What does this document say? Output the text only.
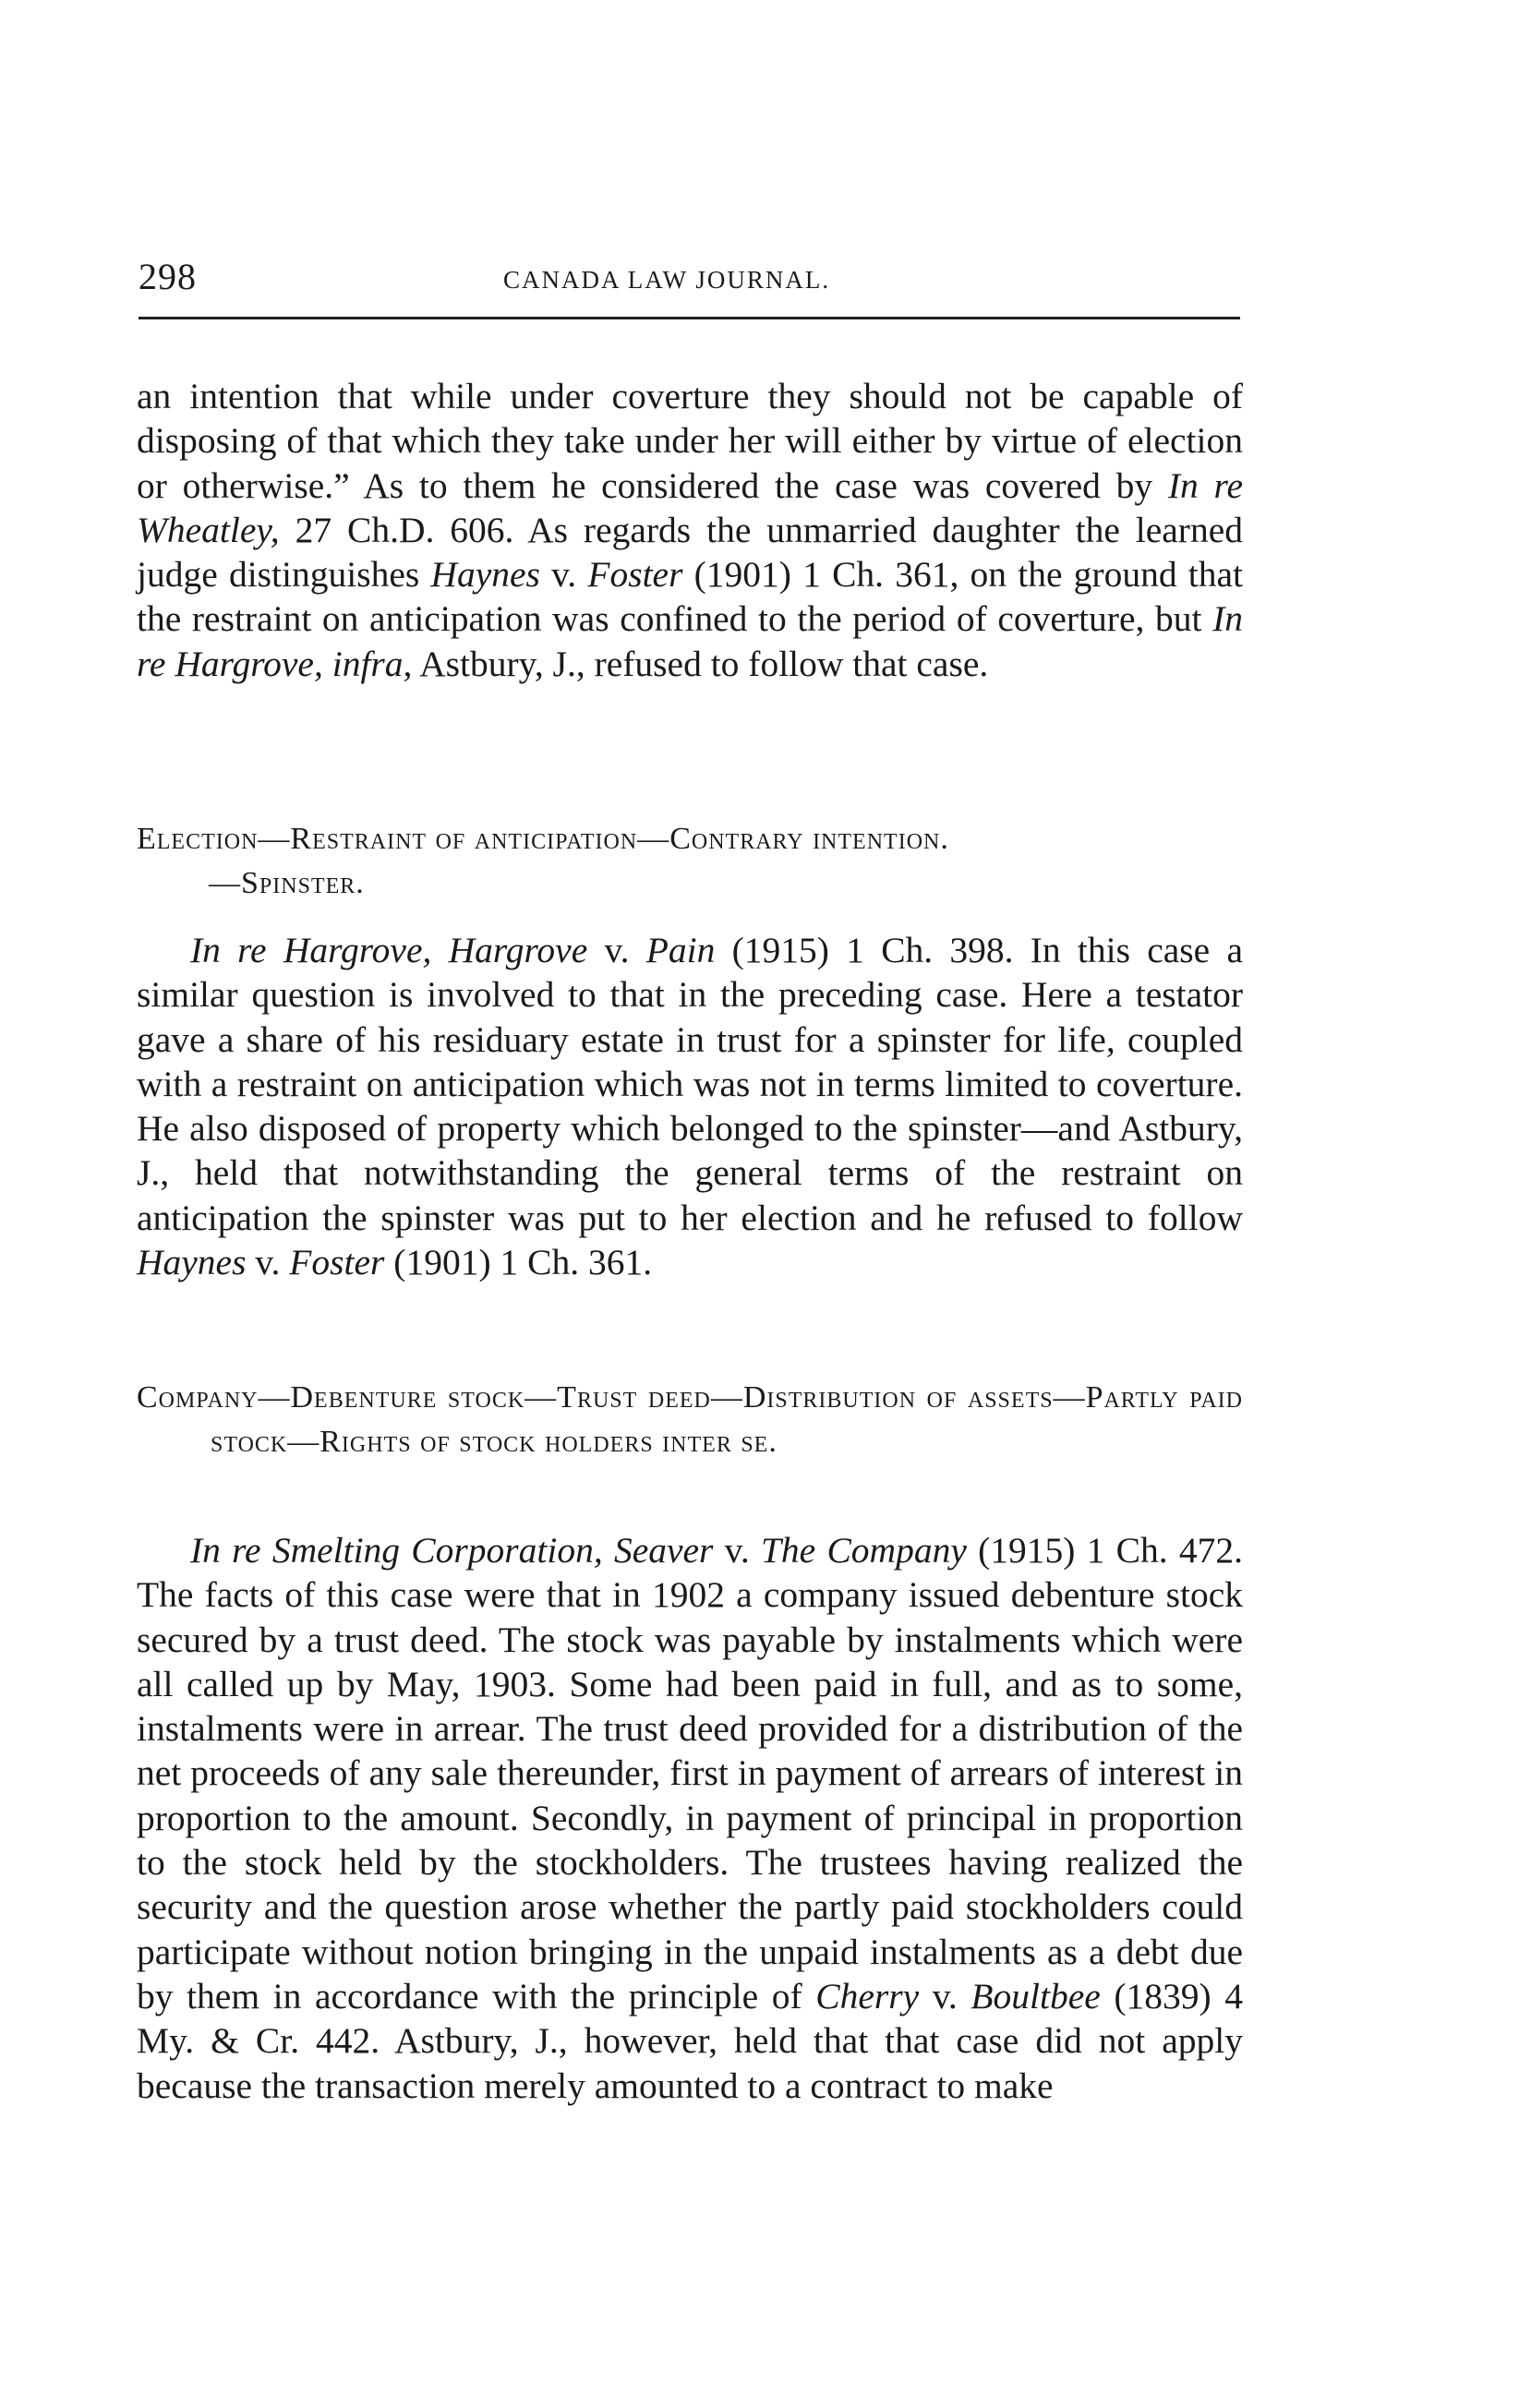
298	CANADA LAW JOURNAL.

an intention that while under coverture they should not be capable of disposing of that which they take under her will either by virtue of election or otherwise.” As to them he considered the case was covered by In re Wheatley, 27 Ch.D. 606. As regards the unmarried daughter the learned judge distinguishes Haynes v. Foster (1901) 1 Ch. 361, on the ground that the restraint on anticipation was confined to the period of coverture, but In re Hargrove, infra, Astbury, J., refused to follow that case.

Election—Restraint of anticipation—Contrary intention.
—Spinster.

In re Hargrove, Hargrove v. Pain (1915) 1 Ch. 398. In this case a similar question is involved to that in the preceding case. Here a testator gave a share of his residuary estate in trust for a spinster for life, coupled with a restraint on anticipation which was not in terms limited to coverture. He also disposed of property which belonged to the spinster—and Astbury, J., held that notwithstanding the general terms of the restraint on anticipation the spinster was put to her election and he refused to follow Haynes v. Foster (1901) 1 Ch. 361.

Company—Debenture stock—Trust deed—Distribution of assets—Partly paid stock—Rights of stock holders inter se.

In re Smelting Corporation, Seaver v. The Company (1915) 1 Ch. 472. The facts of this case were that in 1902 a company issued debenture stock secured by a trust deed. The stock was payable by instalments which were all called up by May, 1903. Some had been paid in full, and as to some, instalments were in arrear. The trust deed provided for a distribution of the net proceeds of any sale thereunder, first in payment of arrears of interest in proportion to the amount. Secondly, in payment of principal in proportion to the stock held by the stockholders. The trustees having realized the security and the question arose whether the partly paid stockholders could participate without notion bringing in the unpaid instalments as a debt due by them in accordance with the principle of Cherry v. Boultbee (1839) 4 My. & Cr. 442. Astbury, J., however, held that that case did not apply because the transaction merely amounted to a contract to make
